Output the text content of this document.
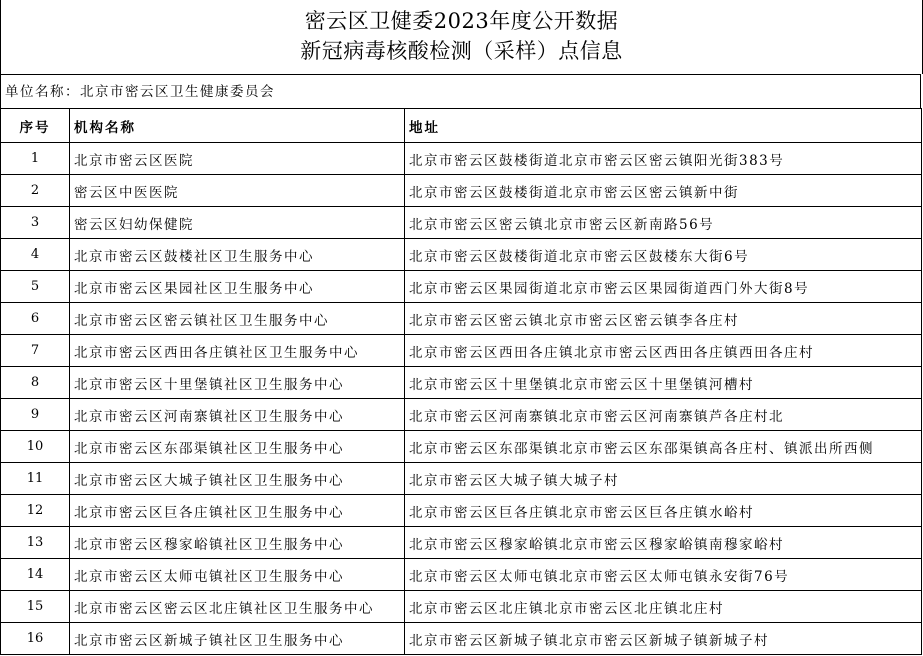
密云区卫健委2023年度公开数据
新冠病毒核酸检测（采样）点信息
单位名称：北京市密云区卫生健康委员会
序号	机构名称	地址
1	北京市密云区医院	北京市密云区鼓楼街道北京市密云区密云镇阳光街383号
2	密云区中医医院	北京市密云区鼓楼街道北京市密云区密云镇新中街
3	密云区妇幼保健院	北京市密云区密云镇北京市密云区新南路56号
4	北京市密云区鼓楼社区卫生服务中心	北京市密云区鼓楼街道北京市密云区鼓楼东大街6号
5	北京市密云区果园社区卫生服务中心	北京市密云区果园街道北京市密云区果园街道西门外大街8号
6	北京市密云区密云镇社区卫生服务中心	北京市密云区密云镇北京市密云区密云镇李各庄村
7	北京市密云区西田各庄镇社区卫生服务中心	北京市密云区西田各庄镇北京市密云区西田各庄镇西田各庄村
8	北京市密云区十里堡镇社区卫生服务中心	北京市密云区十里堡镇北京市密云区十里堡镇河槽村
9	北京市密云区河南寨镇社区卫生服务中心	北京市密云区河南寨镇北京市密云区河南寨镇芦各庄村北
10	北京市密云区东邵渠镇社区卫生服务中心	北京市密云区东邵渠镇北京市密云区东邵渠镇高各庄村、镇派出所西侧
11	北京市密云区大城子镇社区卫生服务中心	北京市密云区大城子镇大城子村
12	北京市密云区巨各庄镇社区卫生服务中心	北京市密云区巨各庄镇北京市密云区巨各庄镇水峪村
13	北京市密云区穆家峪镇社区卫生服务中心	北京市密云区穆家峪镇北京市密云区穆家峪镇南穆家峪村
14	北京市密云区太师屯镇社区卫生服务中心	北京市密云区太师屯镇北京市密云区太师屯镇永安街76号
15	北京市密云区密云区北庄镇社区卫生服务中心	北京市密云区北庄镇北京市密云区北庄镇北庄村
16	北京市密云区新城子镇社区卫生服务中心	北京市密云区新城子镇北京市密云区新城子镇新城子村
